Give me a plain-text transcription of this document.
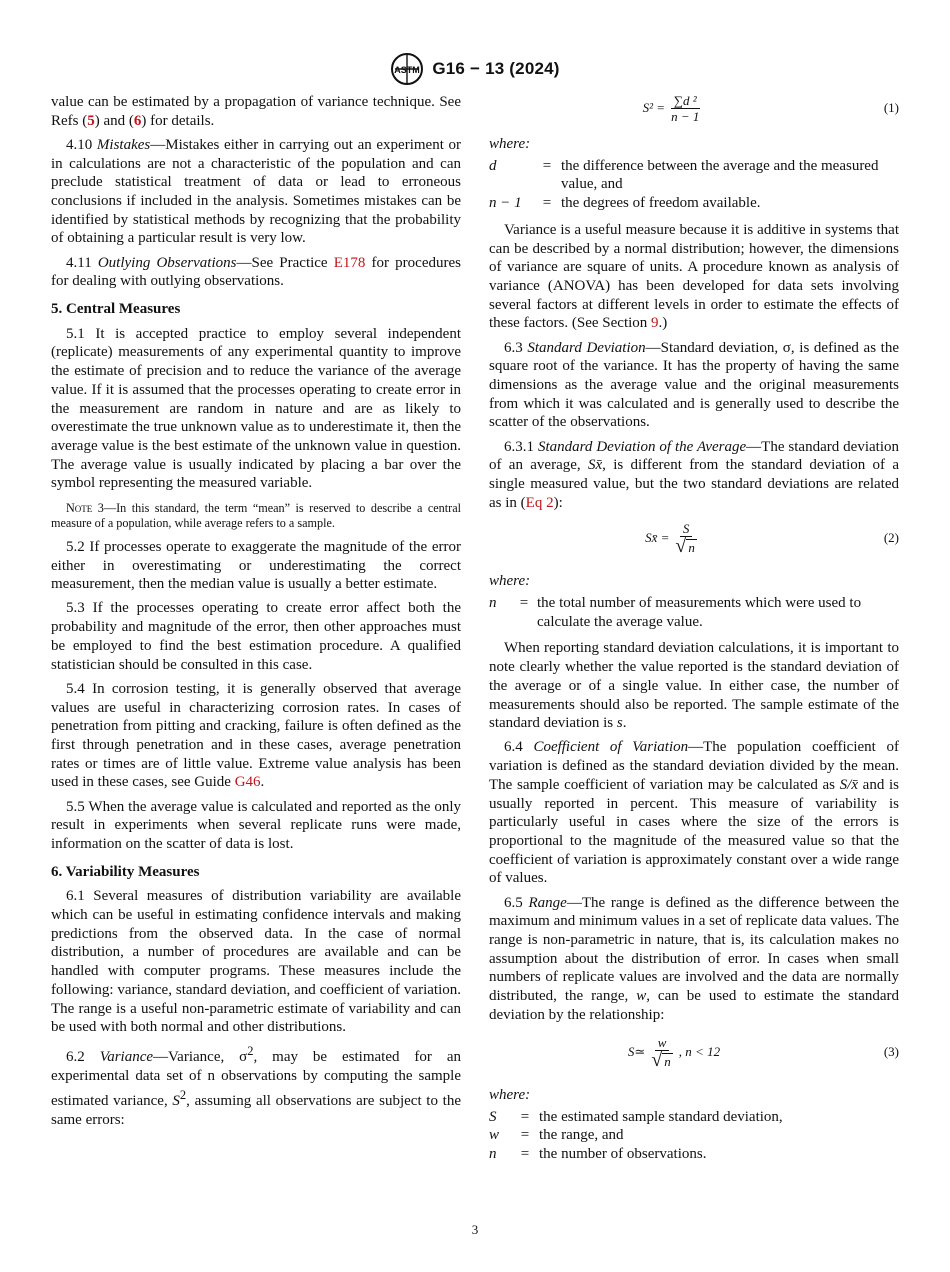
ASTM G16 − 13 (2024)

value can be estimated by a propagation of variance technique. See Refs (5) and (6) for details.

4.10 Mistakes—Mistakes either in carrying out an experiment or in calculations are not a characteristic of the population and can preclude statistical treatment of data or lead to erroneous conclusions if included in the analysis. Sometimes mistakes can be identified by statistical methods by recognizing that the probability of obtaining a particular result is very low.

4.11 Outlying Observations—See Practice E178 for procedures for dealing with outlying observations.

5. Central Measures

5.1 It is accepted practice to employ several independent (replicate) measurements of any experimental quantity to improve the estimate of precision and to reduce the variance of the average value. If it is assumed that the processes operating to create error in the measurement are random in nature and are as likely to overestimate the true unknown value as to underestimate it, then the average value is the best estimate of the unknown value in question. The average value is usually indicated by placing a bar over the symbol representing the measured variable.

Note 3—In this standard, the term “mean” is reserved to describe a central measure of a population, while average refers to a sample.

5.2 If processes operate to exaggerate the magnitude of the error either in overestimating or underestimating the correct measurement, then the median value is usually a better estimate.

5.3 If the processes operating to create error affect both the probability and magnitude of the error, then other approaches must be employed to find the best estimation procedure. A qualified statistician should be consulted in this case.

5.4 In corrosion testing, it is generally observed that average values are useful in characterizing corrosion rates. In cases of penetration from pitting and cracking, failure is often defined as the first through penetration and in these cases, average penetration rates or times are of little value. Extreme value analysis has been used in these cases, see Guide G46.

5.5 When the average value is calculated and reported as the only result in experiments when several replicate runs were made, information on the scatter of data is lost.

6. Variability Measures

6.1 Several measures of distribution variability are available which can be useful in estimating confidence intervals and making predictions from the observed data. In the case of normal distribution, a number of procedures are available and can be handled with computer programs. These measures include the following: variance, standard deviation, and coefficient of variation. The range is a useful non-parametric estimate of variability and can be used with both normal and other distributions.

6.2 Variance—Variance, $\sigma^2$, may be estimated for an experimental data set of n observations by computing the sample estimated variance, $S^2$, assuming all observations are subject to the same errors:

$S^2 = \frac{\text{∑d ²}}{n - 1}$	(1)

where:

d	= the difference between the average and the measured value, and
n − 1	= the degrees of freedom available.

Variance is a useful measure because it is additive in systems that can be described by a normal distribution; however, the dimensions of variance are square of units. A procedure known as analysis of variance (ANOVA) has been developed for data sets involving several factors at different levels in order to estimate the effects of these factors. (See Section 9.)

6.3 Standard Deviation—Standard deviation, σ, is defined as the square root of the variance. It has the property of having the same dimensions as the average value and the original measurements from which it was calculated and is generally used to describe the scatter of the observations.

6.3.1 Standard Deviation of the Average—The standard deviation of an average, Sx̄, is different from the standard deviation of a single measured value, but the two standard deviations are related as in (Eq 2):

Sx̄ = $\frac{S}{√ n}$	(2)

where:

n	= the total number of measurements which were used to calculate the average value.

When reporting standard deviation calculations, it is important to note clearly whether the value reported is the standard deviation of the average or of a single value. In either case, the number of measurements should also be reported. The sample estimate of the standard deviation is s.

6.4 Coefficient of Variation—The population coefficient of variation is defined as the standard deviation divided by the mean. The sample coefficient of variation may be calculated as S/x̄ and is usually reported in percent. This measure of variability is particularly useful in cases where the size of the errors is proportional to the magnitude of the measured value so that the coefficient of variation is approximately constant over a wide range of values.

6.5 Range—The range is defined as the difference between the maximum and minimum values in a set of replicate data values. The range is non-parametric in nature, that is, its calculation makes no assumption about the distribution of error. In cases when small numbers of replicate values are involved and the data are normally distributed, the range, w, can be used to estimate the standard deviation by the relationship:

S≃ $\frac{w}{√ n}$ , n < 12	(3)

where:

S	= the estimated sample standard deviation,
w	= the range, and
n	= the number of observations.
3
